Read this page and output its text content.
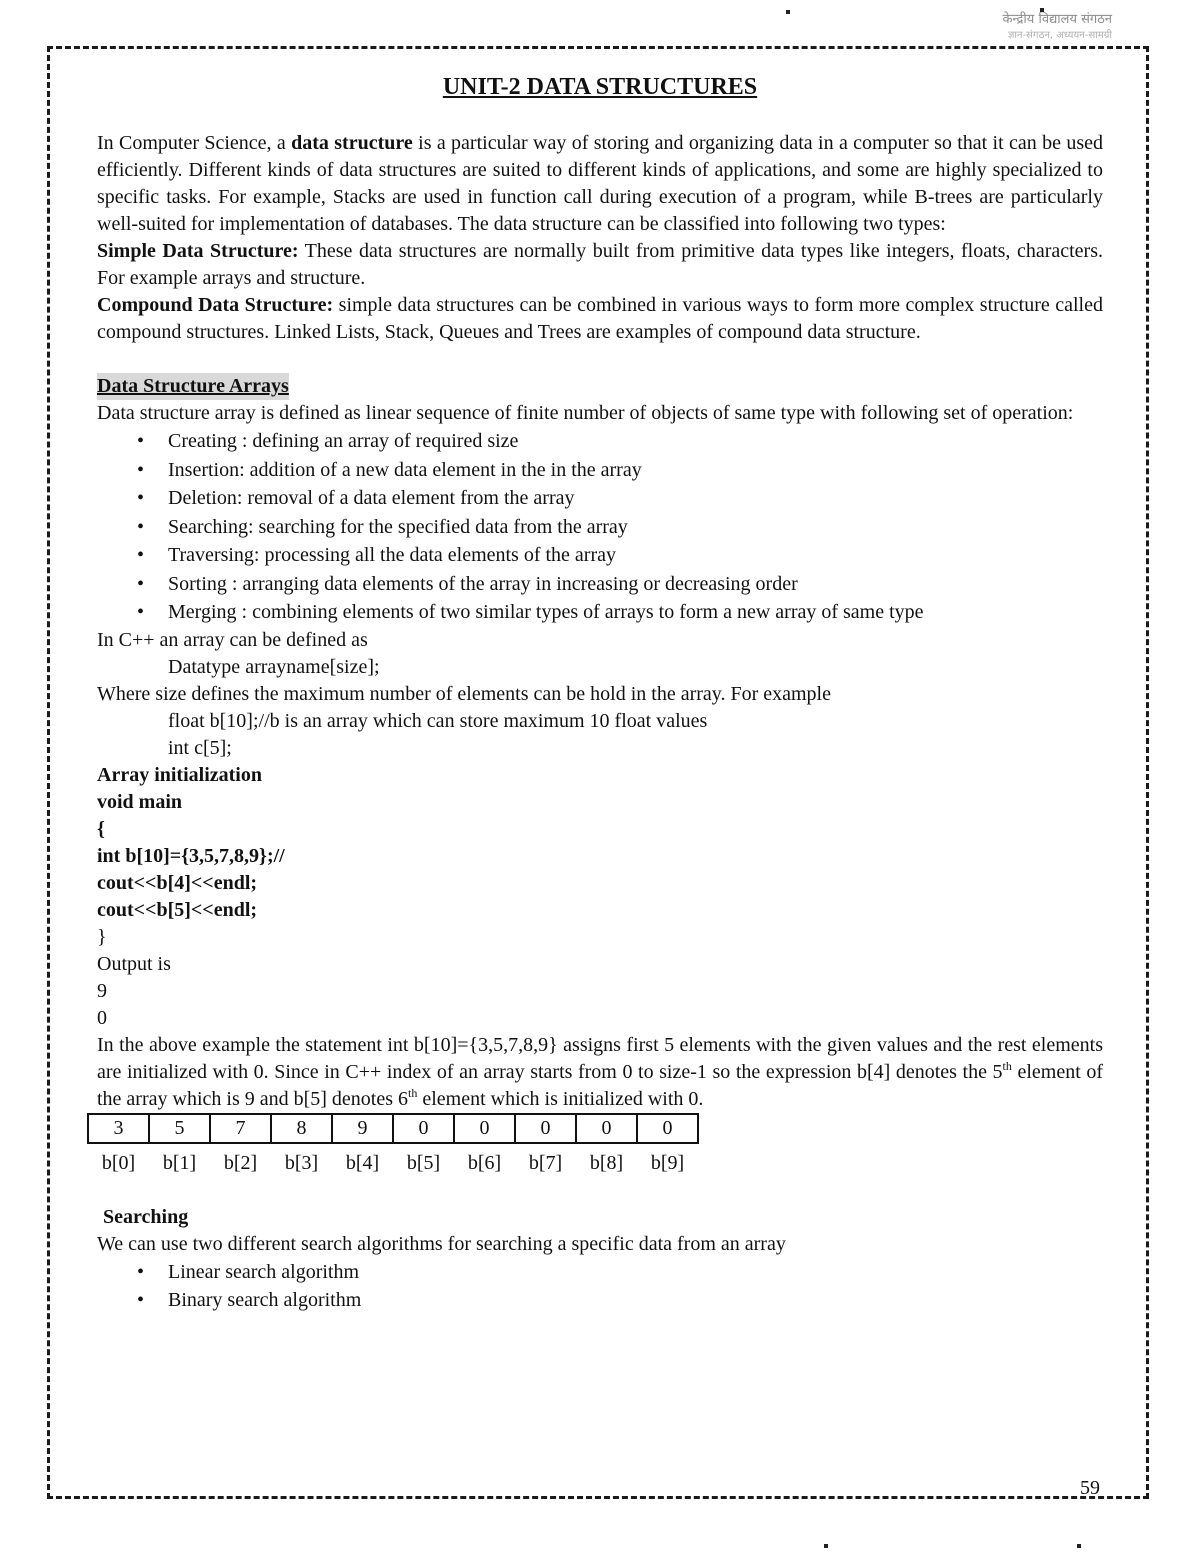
केन्द्रीय विद्यालय संगठन
ज्ञान-संगठन, अध्ययन-सामग्री
UNIT-2 DATA STRUCTURES

In Computer Science, a data structure is a particular way of storing and organizing data in a computer so that it can be used efficiently. Different kinds of data structures are suited to different kinds of applications, and some are highly specialized to specific tasks. For example, Stacks are used in function call during execution of a program, while B-trees are particularly well-suited for implementation of databases. The data structure can be classified into following two types:

Simple Data Structure: These data structures are normally built from primitive data types like integers, floats, characters. For example arrays and structure.

Compound Data Structure: simple data structures can be combined in various ways to form more complex structure called compound structures. Linked Lists, Stack, Queues and Trees are examples of compound data structure.

Data Structure Arrays

Data structure array is defined as linear sequence of finite number of objects of same type with following set of operation:

• Creating : defining an array of required size
• Insertion: addition of a new data element in the in the array
• Deletion: removal of a data element from the array
• Searching: searching for the specified data from the array
• Traversing: processing all the data elements of the array
• Sorting : arranging data elements of the array in increasing or decreasing order
• Merging : combining elements of two similar types of arrays to form a new array of same type
In C++ an array can be defined as
Datatype arrayname[size];
Where size defines the maximum number of elements can be hold in the array. For example
float b[10];//b is an array which can store maximum 10 float values
int c[5];
Array initialization
void main
{
int b[10]={3,5,7,8,9};//
cout<<b[4]<<endl;
cout<<b[5]<<endl;
}
Output is
9
0

In the above example the statement int b[10]={3,5,7,8,9} assigns first 5 elements with the given values and the rest elements are initialized with 0. Since in C++ index of an array starts from 0 to size-1 so the expression b[4] denotes the 5th element of the array which is 9 and b[5] denotes 6th element which is initialized with 0.

3	5	7	8	9	0	0	0	0	0
b[0]	b[1]	b[2]	b[3]	b[4]	b[5]	b[6]	b[7]	b[8]	b[9]
Searching
We can use two different search algorithms for searching a specific data from an array
• Linear search algorithm
• Binary search algorithm
59
